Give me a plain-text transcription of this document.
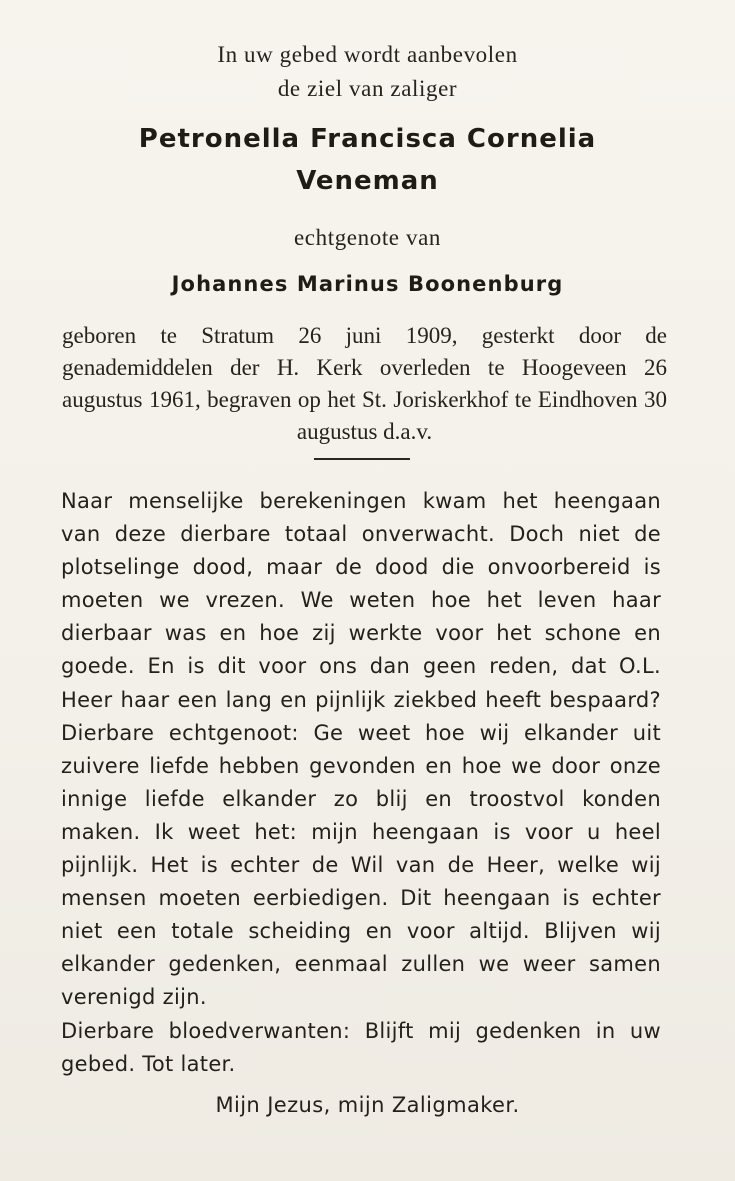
In uw gebed wordt aanbevolen
de ziel van zaliger
Petronella Francisca Cornelia
Veneman
echtgenote van
Johannes Marinus Boonenburg
geboren te Stratum 26 juni 1909, gesterkt door de genademiddelen der H. Kerk overleden te Hoogeveen 26 augustus 1961, begraven op het St. Joriskerkhof te Eindhoven 30 augustus d.a.v.
Naar menselijke berekeningen kwam het heengaan van deze dierbare totaal onverwacht. Doch niet de plotselinge dood, maar de dood die onvoorbereid is moeten we vrezen. We weten hoe het leven haar dierbaar was en hoe zij werkte voor het schone en goede. En is dit voor ons dan geen reden, dat O.L. Heer haar een lang en pijnlijk ziekbed heeft bespaard? Dierbare echtgenoot: Ge weet hoe wij elkander uit zuivere liefde hebben gevonden en hoe we door onze innige liefde elkander zo blij en troostvol konden maken. Ik weet het: mijn heengaan is voor u heel pijnlijk. Het is echter de Wil van de Heer, welke wij mensen moeten eerbiedigen. Dit heengaan is echter niet een totale scheiding en voor altijd. Blijven wij elkander gedenken, eenmaal zullen we weer samen verenigd zijn.
Dierbare bloedverwanten: Blijft mij gedenken in uw gebed. Tot later.
Mijn Jezus, mijn Zaligmaker.
